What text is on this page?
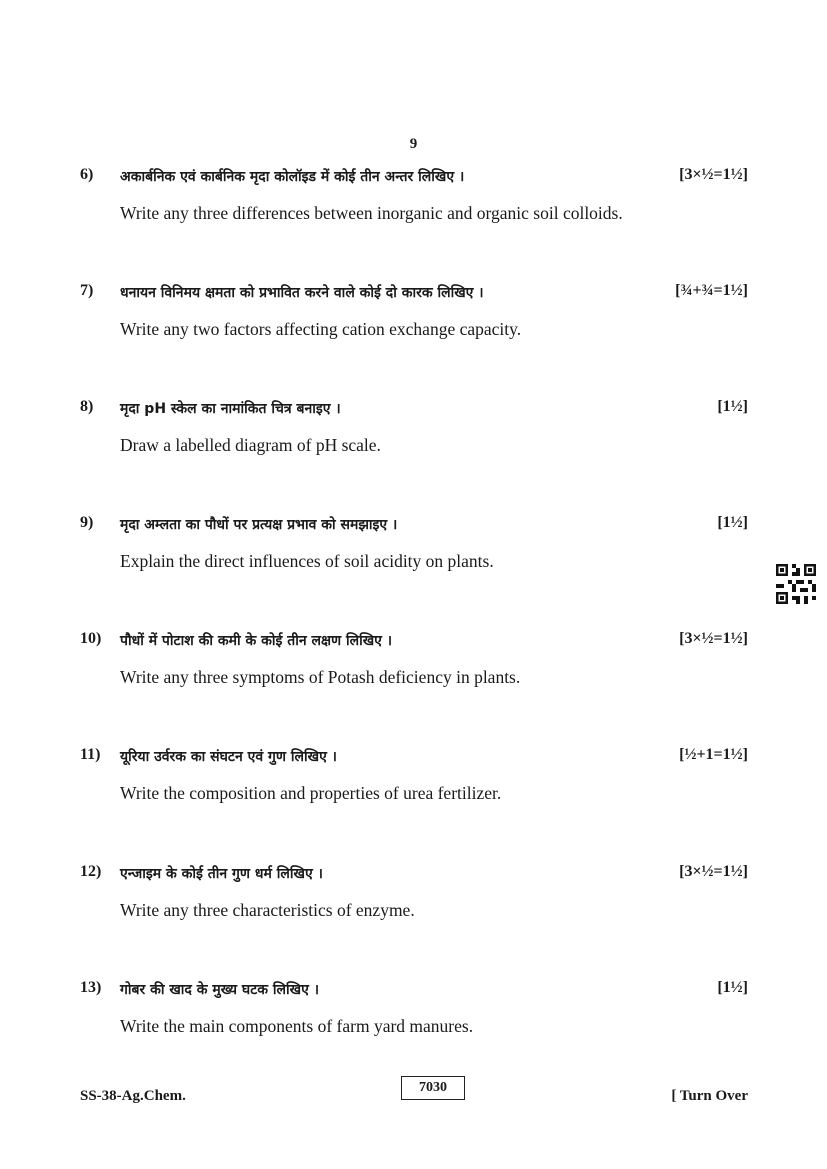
9
6) अकार्बनिक एवं कार्बनिक मृदा कोलॉइड में कोई तीन अन्तर लिखिए ।	[3×½=1½]
Write any three differences between inorganic and organic soil colloids.
7) धनायन विनिमय क्षमता को प्रभावित करने वाले कोई दो कारक लिखिए ।	[¾+¾=1½]
Write any two factors affecting cation exchange capacity.
8) मृदा pH स्केल का नामांकित चित्र बनाइए ।	[1½]
Draw a labelled diagram of pH scale.
9) मृदा अम्लता का पौधों पर प्रत्यक्ष प्रभाव को समझाइए ।	[1½]
Explain the direct influences of soil acidity on plants.
10) पौधों में पोटाश की कमी के कोई तीन लक्षण लिखिए ।	[3×½=1½]
Write any three symptoms of Potash deficiency in plants.
11) यूरिया उर्वरक का संघटन एवं गुण लिखिए ।	[½+1=1½]
Write the composition and properties of urea fertilizer.
12) एन्जाइम के कोई तीन गुण धर्म लिखिए ।	[3×½=1½]
Write any three characteristics of enzyme.
13) गोबर की खाद के मुख्य घटक लिखिए ।	[1½]
Write the main components of farm yard manures.
SS-38-Ag.Chem.
7030
[ Turn Over
